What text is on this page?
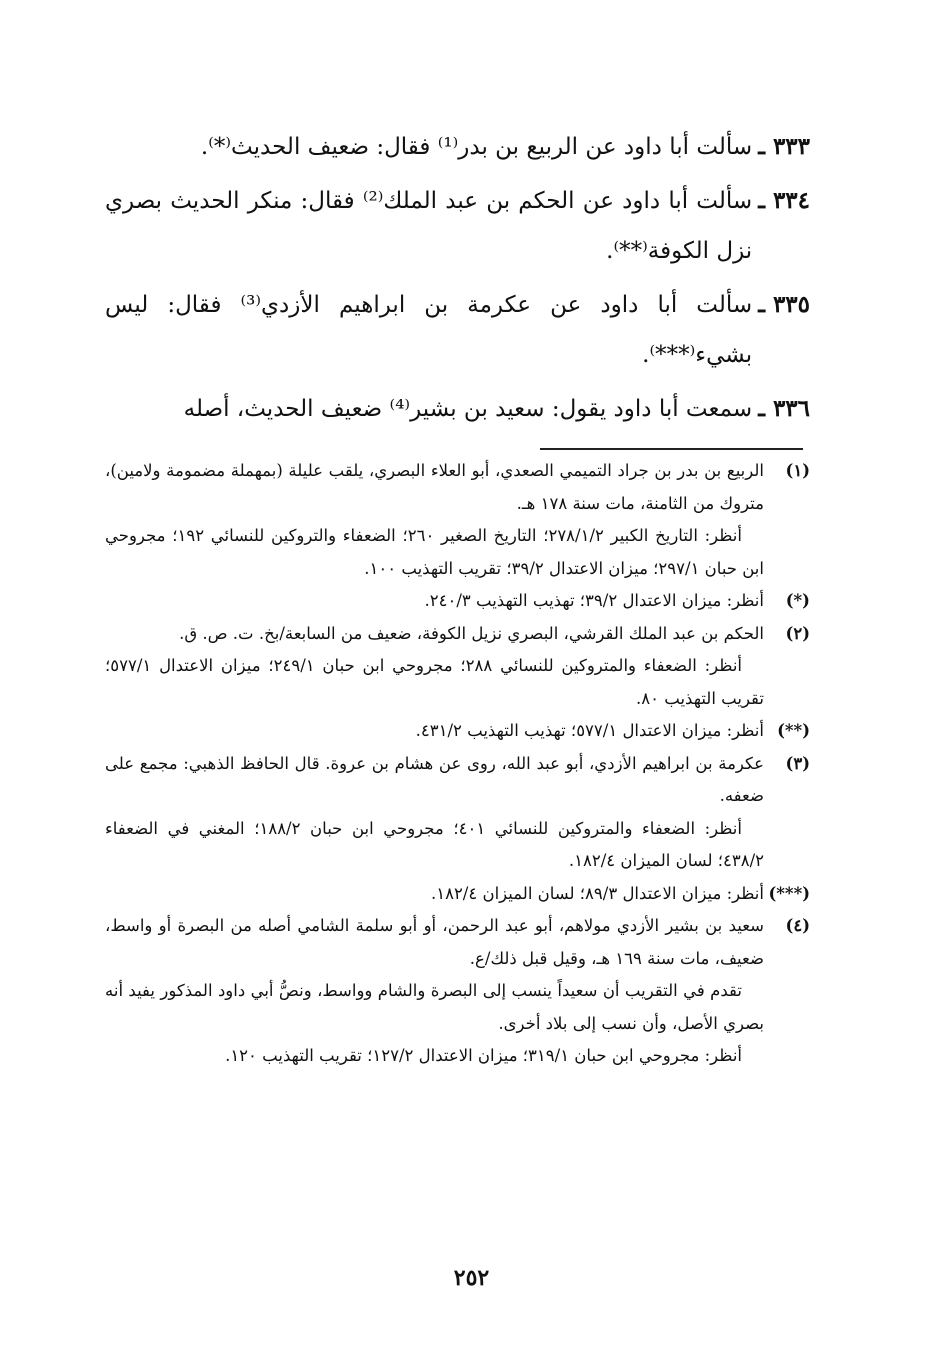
٣٣٣ ـ
سألت أبا داود عن الربيع بن بدر⁽¹⁾ فقال: ضعيف الحديث⁽*⁾.
٣٣٤ ـ
سألت أبا داود عن الحكم بن عبد الملك⁽²⁾ فقال: منكر الحديث بصري نزل الكوفة⁽**⁾.
٣٣٥ ـ
سألت أبا داود عن عكرمة بن ابراهيم الأزدي⁽³⁾ فقال: ليس بشيء⁽***⁾.
٣٣٦ ـ
سمعت أبا داود يقول: سعيد بن بشير⁽⁴⁾ ضعيف الحديث، أصله
(١)

الربيع بن بدر بن جراد التميمي الصعدي، أبو العلاء البصري، يلقب عليلة (بمهملة مضمومة ولامين)، متروك من الثامنة، مات سنة ١٧٨ هـ.

أنظر: التاريخ الكبير ٢٧٨/١/٢؛ التاريخ الصغير ٢٦٠؛ الضعفاء والتروكين للنسائي ١٩٢؛ مجروحي ابن حبان ٢٩٧/١؛ ميزان الاعتدال ٣٩/٢؛ تقريب التهذيب ١٠٠.

(*)

أنظر: ميزان الاعتدال ٣٩/٢؛ تهذيب التهذيب ٢٤٠/٣.

(٢)

الحكم بن عبد الملك القرشي، البصري نزيل الكوفة، ضعيف من السابعة/بخ. ت. ص. ق.

أنظر: الضعفاء والمتروكين للنسائي ٢٨٨؛ مجروحي ابن حبان ٢٤٩/١؛ ميزان الاعتدال ٥٧٧/١؛ تقريب التهذيب ٨٠.

(**)

أنظر: ميزان الاعتدال ٥٧٧/١؛ تهذيب التهذيب ٤٣١/٢.

(٣)

عكرمة بن ابراهيم الأزدي، أبو عبد الله، روى عن هشام بن عروة. قال الحافظ الذهبي: مجمع على ضعفه.

أنظر: الضعفاء والمتروكين للنسائي ٤٠١؛ مجروحي ابن حبان ١٨٨/٢؛ المغني في الضعفاء ٤٣٨/٢؛ لسان الميزان ١٨٢/٤.

(***)

أنظر: ميزان الاعتدال ٨٩/٣؛ لسان الميزان ١٨٢/٤.

(٤)

سعيد بن بشير الأزدي مولاهم، أبو عبد الرحمن، أو أبو سلمة الشامي أصله من البصرة أو واسط، ضعيف، مات سنة ١٦٩ هـ، وقيل قبل ذلك/ع.

تقدم في التقريب أن سعيداً ينسب إلى البصرة والشام وواسط، ونصُّ أبي داود المذكور يفيد أنه بصري الأصل، وأن نسب إلى بلاد أخرى.

أنظر: مجروحي ابن حبان ٣١٩/١؛ ميزان الاعتدال ١٢٧/٢؛ تقريب التهذيب ١٢٠.

٢٥٢
